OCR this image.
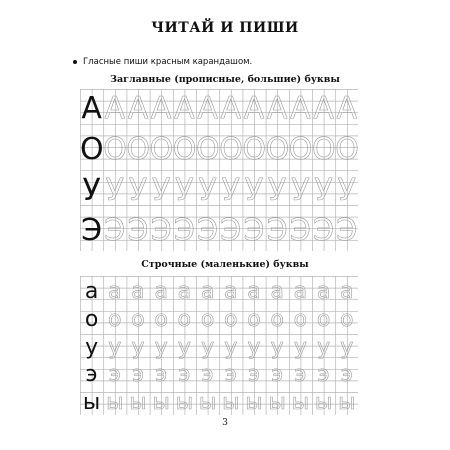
ЧИТАЙ И ПИШИ
Гласные пиши красным карандашом.
Заглавные (прописные, большие) буквы
А А А А А А А А А А А А
О О О О О О О О О О О О
У У У У У У У У У У У У
Э Э Э Э Э Э Э Э Э Э Э Э
Строчные (маленькие) буквы
а а а а а а а а а а а а
о о о о о о о о о о о о
у у у у у у у у у у у у
э э э э э э э э э э э э
ы ы ы ы ы ы ы ы ы ы ы ы
3
